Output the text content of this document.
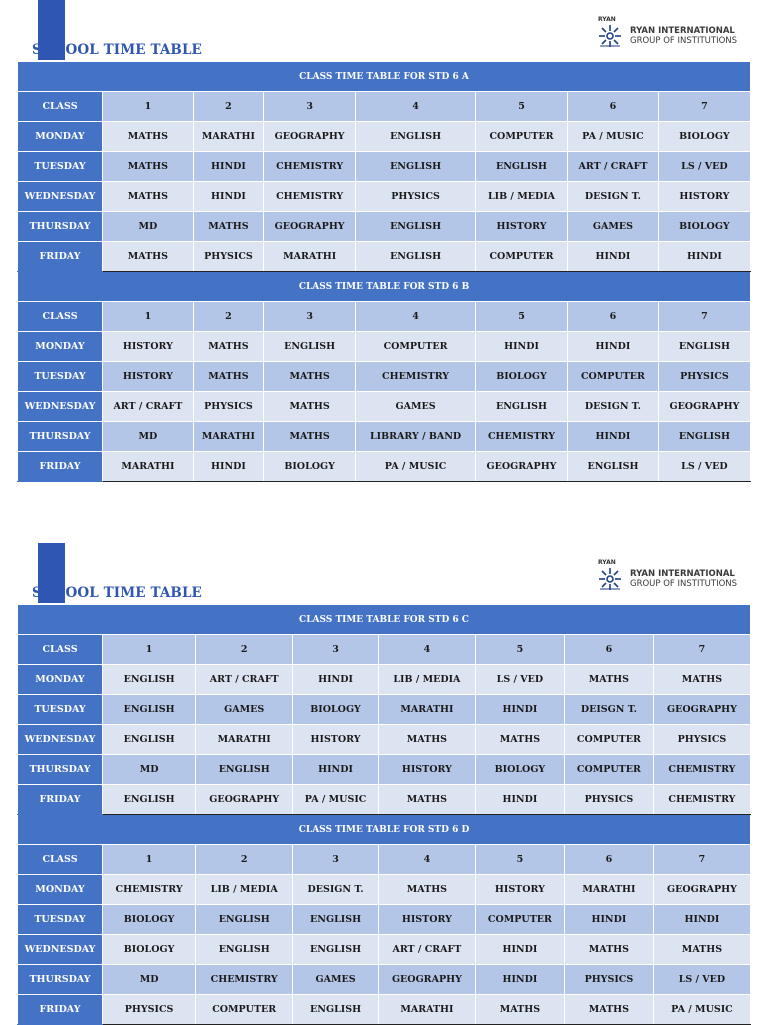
SCHOOL TIME TABLE
RYAN
RYAN INTERNATIONAL
GROUP OF INSTITUTIONS
CLASS TIME TABLE FOR STD 6 A							
CLASS	1	2	3	4	5	6	7
MONDAY	MATHS	MARATHI	GEOGRAPHY	ENGLISH	COMPUTER	PA / MUSIC	BIOLOGY
TUESDAY	MATHS	HINDI	CHEMISTRY	ENGLISH	ENGLISH	ART / CRAFT	LS / VED
WEDNESDAY	MATHS	HINDI	CHEMISTRY	PHYSICS	LIB / MEDIA	DESIGN T.	HISTORY
THURSDAY	MD	MATHS	GEOGRAPHY	ENGLISH	HISTORY	GAMES	BIOLOGY
FRIDAY	MATHS	PHYSICS	MARATHI	ENGLISH	COMPUTER	HINDI	HINDI
CLASS TIME TABLE FOR STD 6 B							
CLASS	1	2	3	4	5	6	7
MONDAY	HISTORY	MATHS	ENGLISH	COMPUTER	HINDI	HINDI	ENGLISH
TUESDAY	HISTORY	MATHS	MATHS	CHEMISTRY	BIOLOGY	COMPUTER	PHYSICS
WEDNESDAY	ART / CRAFT	PHYSICS	MATHS	GAMES	ENGLISH	DESIGN T.	GEOGRAPHY
THURSDAY	MD	MARATHI	MATHS	LIBRARY / BAND	CHEMISTRY	HINDI	ENGLISH
FRIDAY	MARATHI	HINDI	BIOLOGY	PA / MUSIC	GEOGRAPHY	ENGLISH	LS / VED
SCHOOL TIME TABLE
RYAN
RYAN INTERNATIONAL
GROUP OF INSTITUTIONS
CLASS TIME TABLE FOR STD 6 C							
CLASS	1	2	3	4	5	6	7
MONDAY	ENGLISH	ART / CRAFT	HINDI	LIB / MEDIA	LS / VED	MATHS	MATHS
TUESDAY	ENGLISH	GAMES	BIOLOGY	MARATHI	HINDI	DEISGN T.	GEOGRAPHY
WEDNESDAY	ENGLISH	MARATHI	HISTORY	MATHS	MATHS	COMPUTER	PHYSICS
THURSDAY	MD	ENGLISH	HINDI	HISTORY	BIOLOGY	COMPUTER	CHEMISTRY
FRIDAY	ENGLISH	GEOGRAPHY	PA / MUSIC	MATHS	HINDI	PHYSICS	CHEMISTRY
CLASS TIME TABLE FOR STD 6 D							
CLASS	1	2	3	4	5	6	7
MONDAY	CHEMISTRY	LIB / MEDIA	DESIGN T.	MATHS	HISTORY	MARATHI	GEOGRAPHY
TUESDAY	BIOLOGY	ENGLISH	ENGLISH	HISTORY	COMPUTER	HINDI	HINDI
WEDNESDAY	BIOLOGY	ENGLISH	ENGLISH	ART / CRAFT	HINDI	MATHS	MATHS
THURSDAY	MD	CHEMISTRY	GAMES	GEOGRAPHY	HINDI	PHYSICS	LS / VED
FRIDAY	PHYSICS	COMPUTER	ENGLISH	MARATHI	MATHS	MATHS	PA / MUSIC
